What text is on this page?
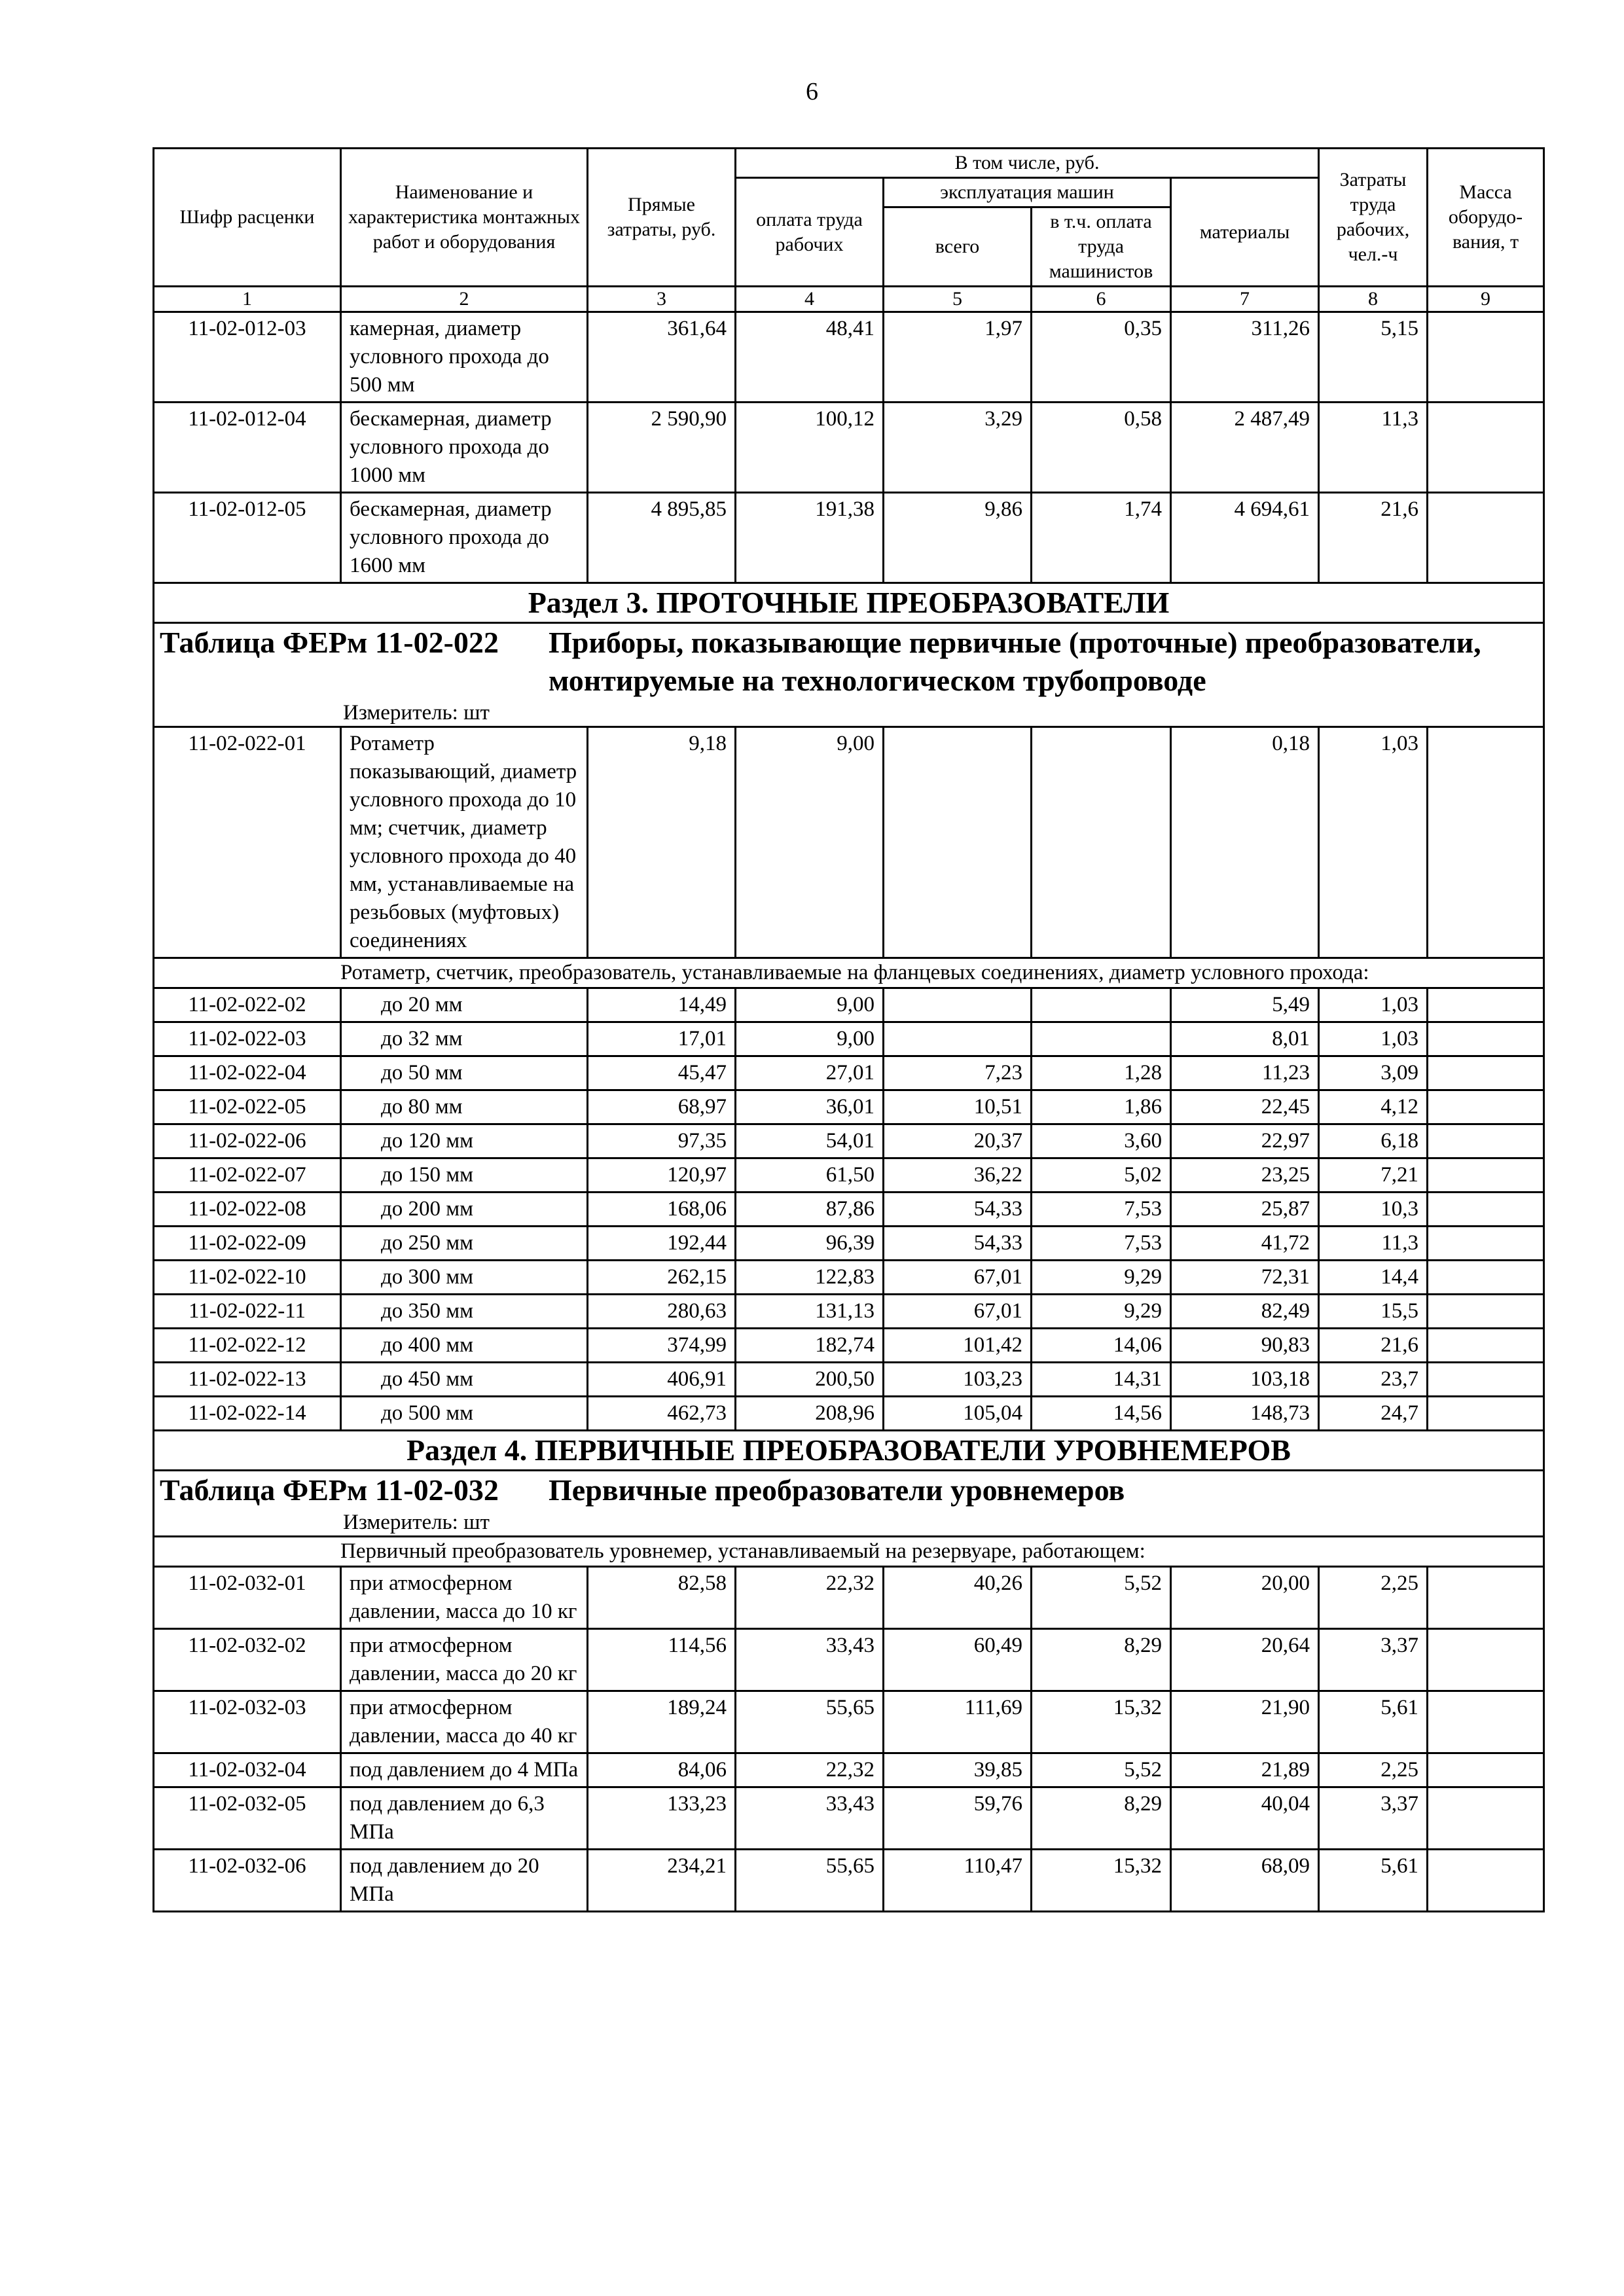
6
Шифр расценки	Наименование и характеристика монтажных работ и оборудования	Прямые затраты, руб.	В том числе, руб.				Затраты труда рабочих, чел.-ч	Масса оборудо-вания, т
			оплата труда рабочих	эксплуатация машин		материалы		
				всего	в т.ч. оплата труда машинистов			
1	2	3	4	5	6	7	8	9
11-02-012-03	камерная, диаметр условного прохода до 500 мм	361,64	48,41	1,97	0,35	311,26	5,15	
11-02-012-04	бескамерная, диаметр условного прохода до 1000 мм	2 590,90	100,12	3,29	0,58	2 487,49	11,3	
11-02-012-05	бескамерная, диаметр условного прохода до 1600 мм	4 895,85	191,38	9,86	1,74	4 694,61	21,6	
Раздел 3. ПРОТОЧНЫЕ ПРЕОБРАЗОВАТЕЛИ								

Таблица ФЕРм 11-02-022 Приборы, показывающие первичные (проточные) преобразователи, монтируемые на технологическом трубопроводе
Измеритель: шт								

11-02-022-01	Ротаметр показывающий, диаметр условного прохода до 10 мм; счетчик, диаметр условного прохода до 40 мм, устанавливаемые на резьбовых (муфтовых) соединениях	9,18	9,00			0,18	1,03	
Ротаметр, счетчик, преобразователь, устанавливаемые на фланцевых соединениях, диаметр условного прохода:								
11-02-022-02	до 20 мм	14,49	9,00			5,49	1,03	
11-02-022-03	до 32 мм	17,01	9,00			8,01	1,03	
11-02-022-04	до 50 мм	45,47	27,01	7,23	1,28	11,23	3,09	
11-02-022-05	до 80 мм	68,97	36,01	10,51	1,86	22,45	4,12	
11-02-022-06	до 120 мм	97,35	54,01	20,37	3,60	22,97	6,18	
11-02-022-07	до 150 мм	120,97	61,50	36,22	5,02	23,25	7,21	
11-02-022-08	до 200 мм	168,06	87,86	54,33	7,53	25,87	10,3	
11-02-022-09	до 250 мм	192,44	96,39	54,33	7,53	41,72	11,3	
11-02-022-10	до 300 мм	262,15	122,83	67,01	9,29	72,31	14,4	
11-02-022-11	до 350 мм	280,63	131,13	67,01	9,29	82,49	15,5	
11-02-022-12	до 400 мм	374,99	182,74	101,42	14,06	90,83	21,6	
11-02-022-13	до 450 мм	406,91	200,50	103,23	14,31	103,18	23,7	
11-02-022-14	до 500 мм	462,73	208,96	105,04	14,56	148,73	24,7	
Раздел 4. ПЕРВИЧНЫЕ ПРЕОБРАЗОВАТЕЛИ УРОВНЕМЕРОВ								

Таблица ФЕРм 11-02-032 Первичные преобразователи уровнемеров
Измеритель: шт								

Первичный преобразователь уровнемер, устанавливаемый на резервуаре, работающем:								
11-02-032-01	при атмосферном давлении, масса до 10 кг	82,58	22,32	40,26	5,52	20,00	2,25	
11-02-032-02	при атмосферном давлении, масса до 20 кг	114,56	33,43	60,49	8,29	20,64	3,37	
11-02-032-03	при атмосферном давлении, масса до 40 кг	189,24	55,65	111,69	15,32	21,90	5,61	
11-02-032-04	под давлением до 4 МПа	84,06	22,32	39,85	5,52	21,89	2,25	
11-02-032-05	под давлением до 6,3 МПа	133,23	33,43	59,76	8,29	40,04	3,37	
11-02-032-06	под давлением до 20 МПа	234,21	55,65	110,47	15,32	68,09	5,61	
